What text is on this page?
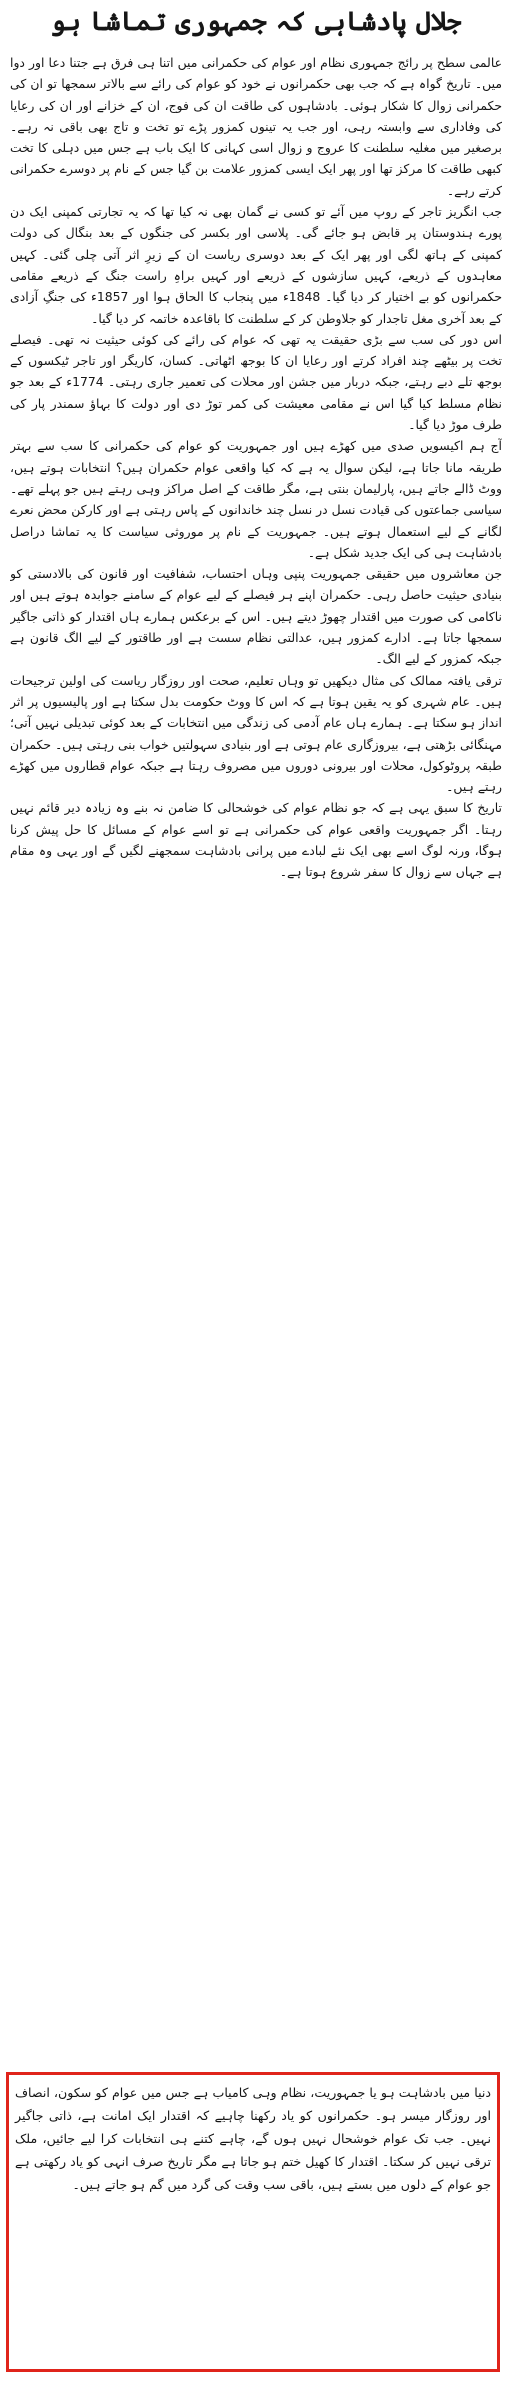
جلال پادشاہی کہ جمہوری تماشا ہو

عالمی سطح پر رائج جمہوری نظام اور عوام کی حکمرانی میں اتنا ہی فرق ہے جتنا دعا اور دوا میں۔ تاریخ گواہ ہے کہ جب بھی حکمرانوں نے خود کو عوام کی رائے سے بالاتر سمجھا تو ان کی حکمرانی زوال کا شکار ہوئی۔ بادشاہوں کی طاقت ان کی فوج، ان کے خزانے اور ان کی رعایا کی وفاداری سے وابستہ رہی، اور جب یہ تینوں کمزور پڑے تو تخت و تاج بھی باقی نہ رہے۔ برصغیر میں مغلیہ سلطنت کا عروج و زوال اسی کہانی کا ایک باب ہے جس میں دہلی کا تخت کبھی طاقت کا مرکز تھا اور پھر ایک ایسی کمزور علامت بن گیا جس کے نام پر دوسرے حکمرانی کرتے رہے۔

جب انگریز تاجر کے روپ میں آئے تو کسی نے گمان بھی نہ کیا تھا کہ یہ تجارتی کمپنی ایک دن پورے ہندوستان پر قابض ہو جائے گی۔ پلاسی اور بکسر کی جنگوں کے بعد بنگال کی دولت کمپنی کے ہاتھ لگی اور پھر ایک کے بعد دوسری ریاست ان کے زیرِ اثر آتی چلی گئی۔ کہیں معاہدوں کے ذریعے، کہیں سازشوں کے ذریعے اور کہیں براہِ راست جنگ کے ذریعے مقامی حکمرانوں کو بے اختیار کر دیا گیا۔ 1848ء میں پنجاب کا الحاق ہوا اور 1857ء کی جنگِ آزادی کے بعد آخری مغل تاجدار کو جلاوطن کر کے سلطنت کا باقاعدہ خاتمہ کر دیا گیا۔

اس دور کی سب سے بڑی حقیقت یہ تھی کہ عوام کی رائے کی کوئی حیثیت نہ تھی۔ فیصلے تخت پر بیٹھے چند افراد کرتے اور رعایا ان کا بوجھ اٹھاتی۔ کسان، کاریگر اور تاجر ٹیکسوں کے بوجھ تلے دبے رہتے، جبکہ دربار میں جشن اور محلات کی تعمیر جاری رہتی۔ 1774ء کے بعد جو نظام مسلط کیا گیا اس نے مقامی معیشت کی کمر توڑ دی اور دولت کا بہاؤ سمندر پار کی طرف موڑ دیا گیا۔

آج ہم اکیسویں صدی میں کھڑے ہیں اور جمہوریت کو عوام کی حکمرانی کا سب سے بہتر طریقہ مانا جاتا ہے، لیکن سوال یہ ہے کہ کیا واقعی عوام حکمران ہیں؟ انتخابات ہوتے ہیں، ووٹ ڈالے جاتے ہیں، پارلیمان بنتی ہے، مگر طاقت کے اصل مراکز وہی رہتے ہیں جو پہلے تھے۔ سیاسی جماعتوں کی قیادت نسل در نسل چند خاندانوں کے پاس رہتی ہے اور کارکن محض نعرے لگانے کے لیے استعمال ہوتے ہیں۔ جمہوریت کے نام پر موروثی سیاست کا یہ تماشا دراصل بادشاہت ہی کی ایک جدید شکل ہے۔

جن معاشروں میں حقیقی جمہوریت پنپی وہاں احتساب، شفافیت اور قانون کی بالادستی کو بنیادی حیثیت حاصل رہی۔ حکمران اپنے ہر فیصلے کے لیے عوام کے سامنے جوابدہ ہوتے ہیں اور ناکامی کی صورت میں اقتدار چھوڑ دیتے ہیں۔ اس کے برعکس ہمارے ہاں اقتدار کو ذاتی جاگیر سمجھا جاتا ہے۔ ادارے کمزور ہیں، عدالتی نظام سست ہے اور طاقتور کے لیے الگ قانون ہے جبکہ کمزور کے لیے الگ۔

ترقی یافتہ ممالک کی مثال دیکھیں تو وہاں تعلیم، صحت اور روزگار ریاست کی اولین ترجیحات ہیں۔ عام شہری کو یہ یقین ہوتا ہے کہ اس کا ووٹ حکومت بدل سکتا ہے اور پالیسیوں پر اثر انداز ہو سکتا ہے۔ ہمارے ہاں عام آدمی کی زندگی میں انتخابات کے بعد کوئی تبدیلی نہیں آتی؛ مہنگائی بڑھتی ہے، بیروزگاری عام ہوتی ہے اور بنیادی سہولتیں خواب بنی رہتی ہیں۔ حکمران طبقہ پروٹوکول، محلات اور بیرونی دوروں میں مصروف رہتا ہے جبکہ عوام قطاروں میں کھڑے رہتے ہیں۔

تاریخ کا سبق یہی ہے کہ جو نظام عوام کی خوشحالی کا ضامن نہ بنے وہ زیادہ دیر قائم نہیں رہتا۔ اگر جمہوریت واقعی عوام کی حکمرانی ہے تو اسے عوام کے مسائل کا حل پیش کرنا ہوگا، ورنہ لوگ اسے بھی ایک نئے لبادے میں پرانی بادشاہت سمجھنے لگیں گے اور یہی وہ مقام ہے جہاں سے زوال کا سفر شروع ہوتا ہے۔

دنیا میں بادشاہت ہو یا جمہوریت، نظام وہی کامیاب ہے جس میں عوام کو سکون، انصاف اور روزگار میسر ہو۔ حکمرانوں کو یاد رکھنا چاہیے کہ اقتدار ایک امانت ہے، ذاتی جاگیر نہیں۔ جب تک عوام خوشحال نہیں ہوں گے، چاہے کتنے ہی انتخابات کرا لیے جائیں، ملک ترقی نہیں کر سکتا۔ اقتدار کا کھیل ختم ہو جاتا ہے مگر تاریخ صرف انہی کو یاد رکھتی ہے جو عوام کے دلوں میں بستے ہیں، باقی سب وقت کی گرد میں گم ہو جاتے ہیں۔
